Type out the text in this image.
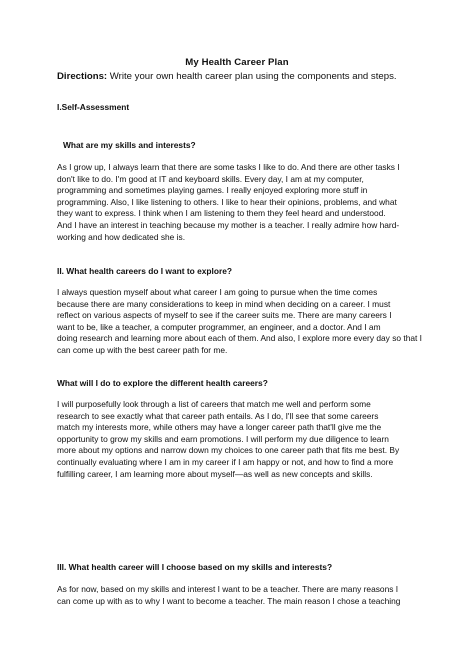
My Health Career Plan
Directions: Write your own health career plan using the components and steps.
I.Self-Assessment
What are my skills and interests?
As I grow up, I always learn that there are some tasks I like to do. And there are other tasks I
don't like to do. I'm good at IT and keyboard skills. Every day, I am at my computer,
programming and sometimes playing games. I really enjoyed exploring more stuff in
programming. Also, I like listening to others. I like to hear their opinions, problems, and what
they want to express. I think when I am listening to them they feel heard and understood.
And I have an interest in teaching because my mother is a teacher. I really admire how hard-
working and how dedicated she is.
II. What health careers do I want to explore?
I always question myself about what career I am going to pursue when the time comes
because there are many considerations to keep in mind when deciding on a career. I must
reflect on various aspects of myself to see if the career suits me. There are many careers I
want to be, like a teacher, a computer programmer, an engineer, and a doctor. And I am
doing research and learning more about each of them. And also, I explore more every day so that I
can come up with the best career path for me.
What will I do to explore the different health careers?
I will purposefully look through a list of careers that match me well and perform some
research to see exactly what that career path entails. As I do, I'll see that some careers
match my interests more, while others may have a longer career path that'll give me the
opportunity to grow my skills and earn promotions. I will perform my due diligence to learn
more about my options and narrow down my choices to one career path that fits me best. By
continually evaluating where I am in my career if I am happy or not, and how to find a more
fulfilling career, I am learning more about myself—as well as new concepts and skills.
III. What health career will I choose based on my skills and interests?
As for now, based on my skills and interest I want to be a teacher. There are many reasons I
can come up with as to why I want to become a teacher. The main reason I chose a teaching
